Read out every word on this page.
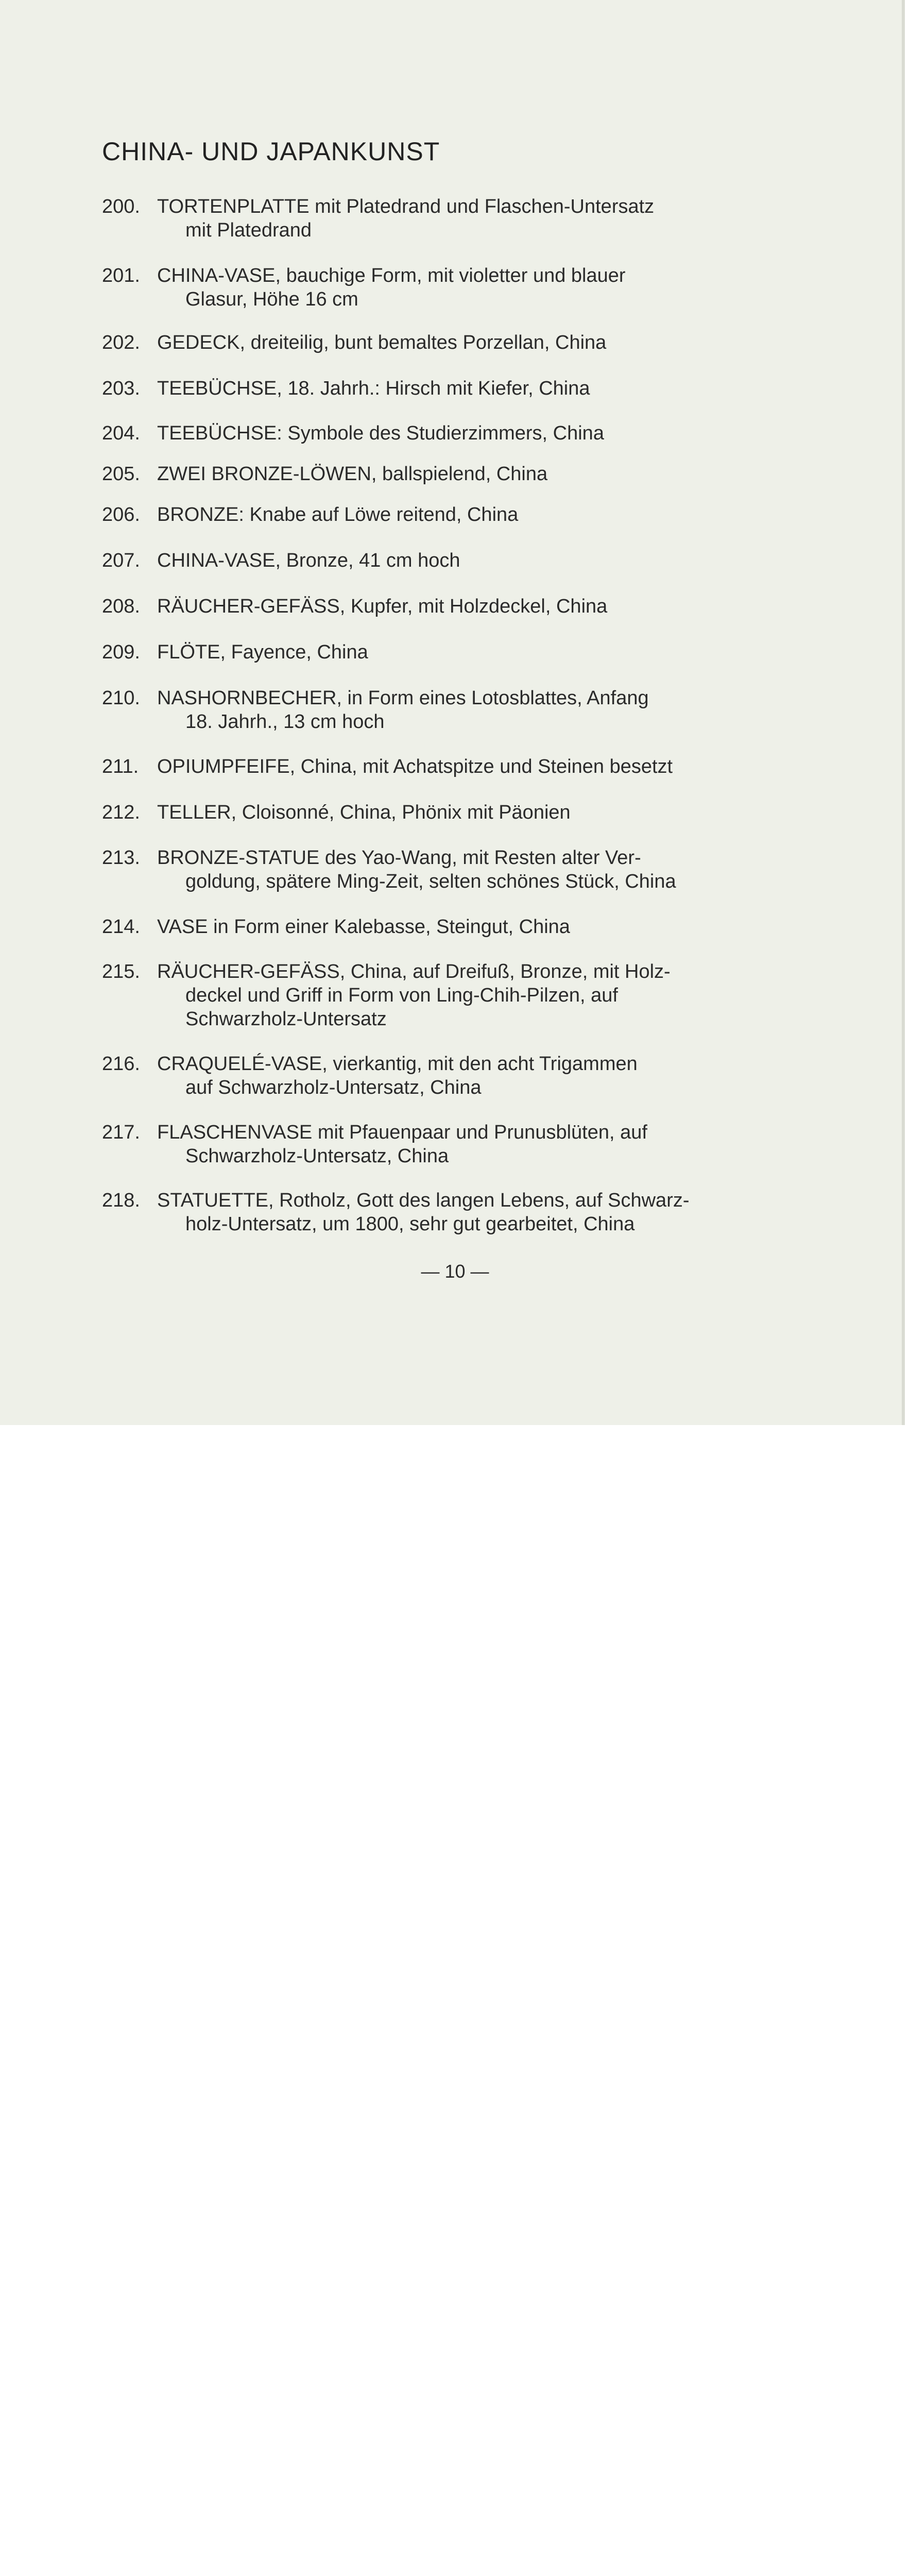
CHINA- UND JAPANKUNST
200. TORTENPLATTE mit Platedrand und Flaschen-Untersatz
mit Platedrand
201. CHINA-VASE, bauchige Form, mit violetter und blauer
Glasur, Höhe 16 cm
202. GEDECK, dreiteilig, bunt bemaltes Porzellan, China
203. TEEBÜCHSE, 18. Jahrh.: Hirsch mit Kiefer, China
204. TEEBÜCHSE: Symbole des Studierzimmers, China
205. ZWEI BRONZE-LÖWEN, ballspielend, China
206. BRONZE: Knabe auf Löwe reitend, China
207. CHINA-VASE, Bronze, 41 cm hoch
208. RÄUCHER-GEFÄSS, Kupfer, mit Holzdeckel, China
209. FLÖTE, Fayence, China
210. NASHORNBECHER, in Form eines Lotosblattes, Anfang
18. Jahrh., 13 cm hoch
211. OPIUMPFEIFE, China, mit Achatspitze und Steinen besetzt
212. TELLER, Cloisonné, China, Phönix mit Päonien
213. BRONZE-STATUE des Yao-Wang, mit Resten alter Ver-
goldung, spätere Ming-Zeit, selten schönes Stück, China
214. VASE in Form einer Kalebasse, Steingut, China
215. RÄUCHER-GEFÄSS, China, auf Dreifuß, Bronze, mit Holz-
deckel und Griff in Form von Ling-Chih-Pilzen, auf
Schwarzholz-Untersatz
216. CRAQUELÉ-VASE, vierkantig, mit den acht Trigammen
auf Schwarzholz-Untersatz, China
217. FLASCHENVASE mit Pfauenpaar und Prunusblüten, auf
Schwarzholz-Untersatz, China
218. STATUETTE, Rotholz, Gott des langen Lebens, auf Schwarz-
holz-Untersatz, um 1800, sehr gut gearbeitet, China
— 10 —
